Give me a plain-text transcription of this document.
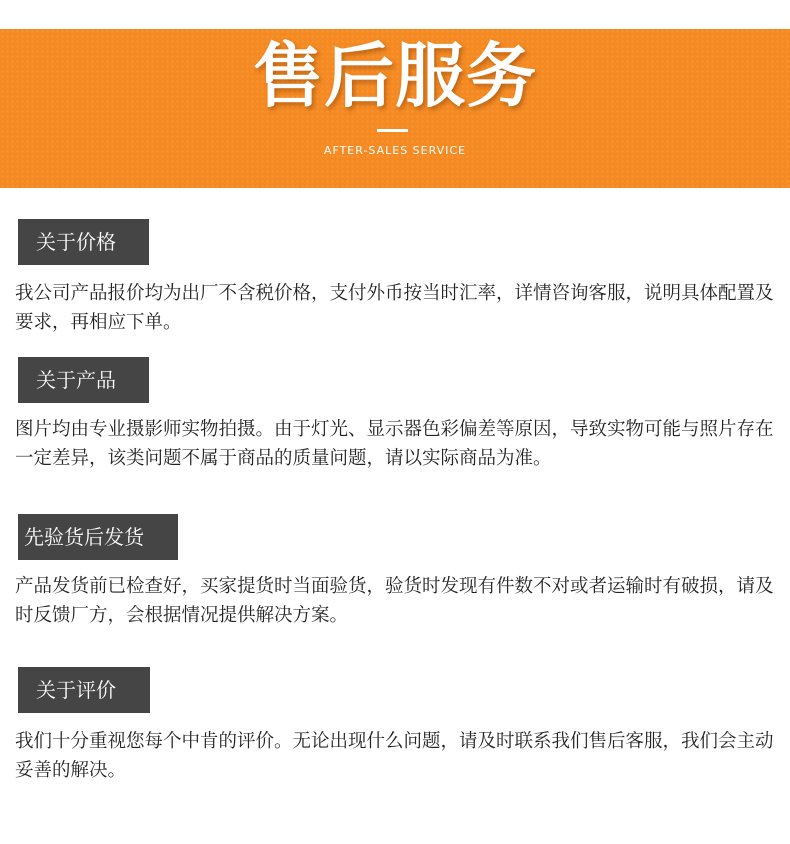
售后服务
AFTER-SALES SERVICE
关于价格

我公司产品报价均为出厂不含税价格，支付外币按当时汇率，详情咨询客服，说明具体配置及要求，再相应下单。

关于产品

图片均由专业摄影师实物拍摄。由于灯光、显示器色彩偏差等原因，导致实物可能与照片存在一定差异，该类问题不属于商品的质量问题，请以实际商品为准。

先验货后发货

产品发货前已检查好，买家提货时当面验货，验货时发现有件数不对或者运输时有破损，请及时反馈厂方，会根据情况提供解决方案。

关于评价

我们十分重视您每个中肯的评价。无论出现什么问题，请及时联系我们售后客服，我们会主动妥善的解决。
